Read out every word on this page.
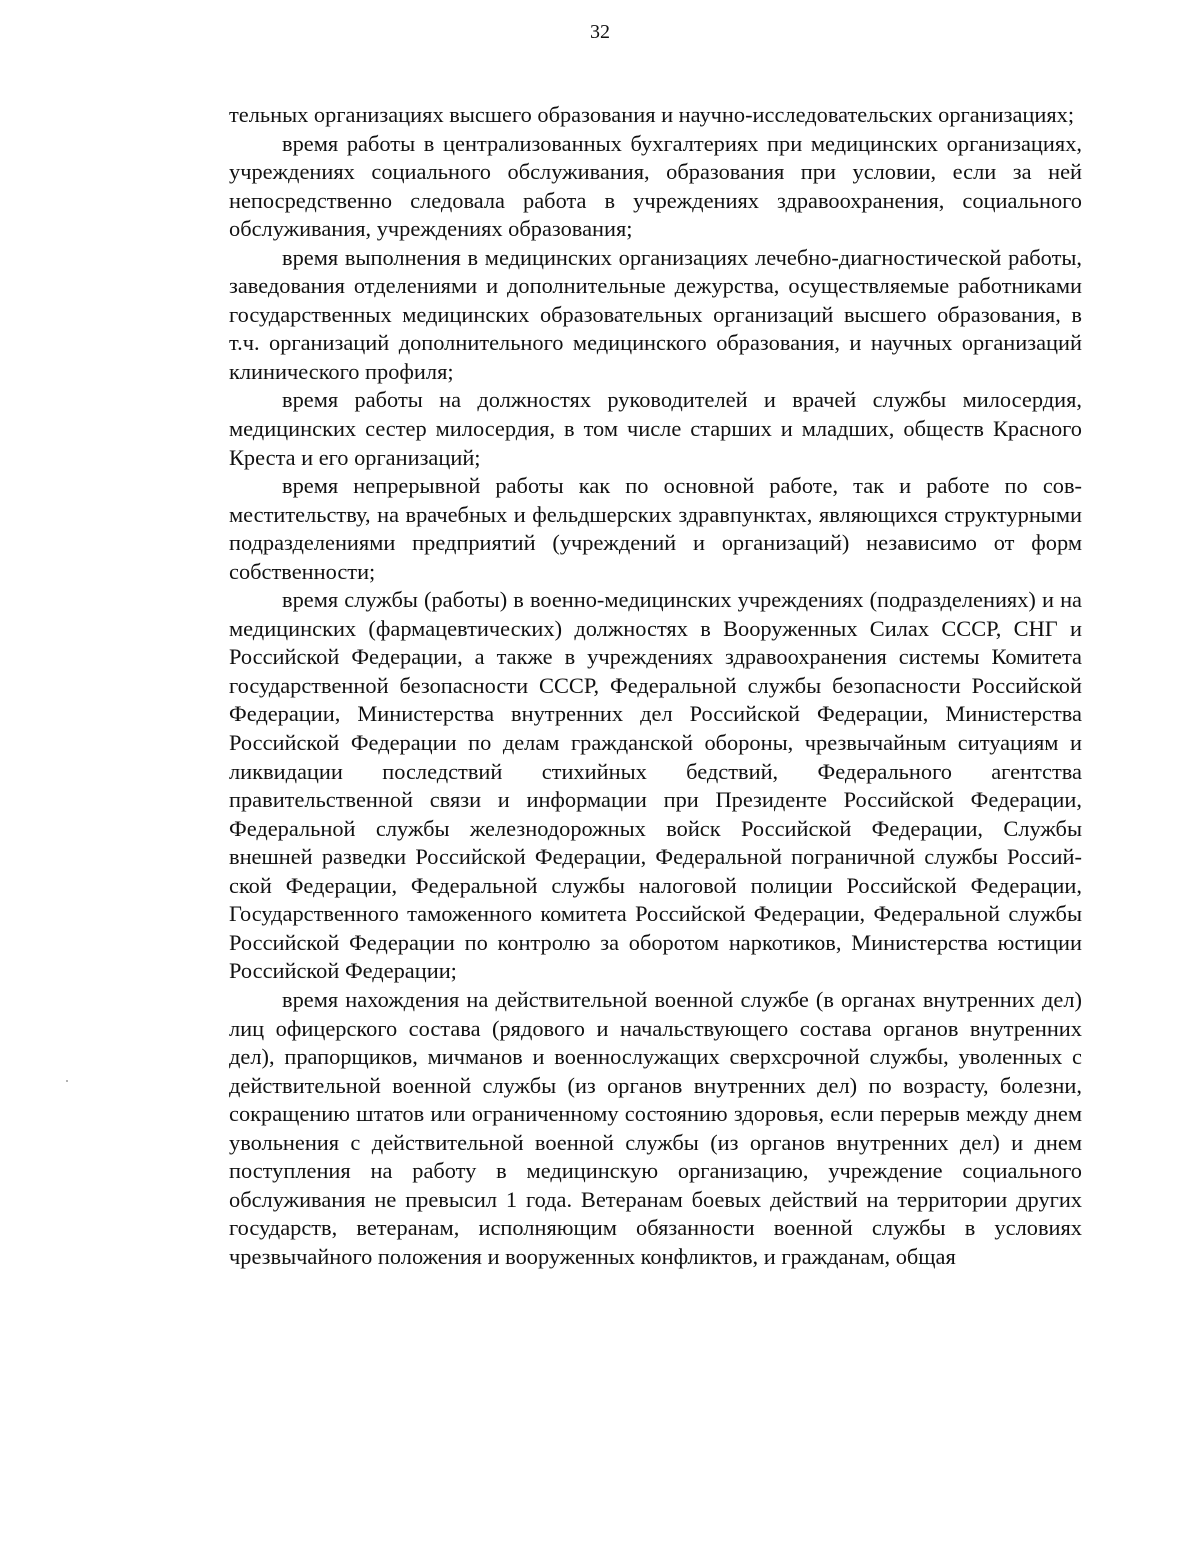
32

тельных организациях высшего образования и научно-исследовательских организациях;

время работы в централизованных бухгалтериях при медицинских организациях, учреждениях социального обслуживания, образования при условии, если за ней непосредственно следовала работа в учреждениях здравоохранения, социального обслуживания, учреждениях образования;

время выполнения в медицинских организациях лечебно-диагностической работы, заведования отделениями и дополнительные дежурства, осуществляемые работниками государственных медицинских образовательных организаций высшего образования, в т.ч. организаций дополнительного медицинского образования, и научных организаций клинического профиля;

время работы на должностях руководителей и врачей службы милосердия, медицинских сестер милосердия, в том числе старших и младших, обществ Красного Креста и его организаций;

время непрерывной работы как по основной работе, так и работе по совместительству, на врачебных и фельдшерских здравпунктах, являющихся структурными подразделениями предприятий (учреждений и организаций) независимо от форм собственности;

время службы (работы) в военно-медицинских учреждениях (подразделениях) и на медицинских (фармацевтических) должностях в Вооруженных Силах СССР, СНГ и Российской Федерации, а также в учреждениях здравоохранения системы Комитета государственной безопасности СССР, Федеральной службы безопасности Российской Федерации, Министерства внутренних дел Российской Федерации, Министерства Российской Федерации по делам гражданской обороны, чрезвычайным ситуациям и ликвидации последствий стихийных бедствий, Федерального агентства правительственной связи и информации при Президенте Российской Федерации, Федеральной службы железнодорожных войск Российской Федерации, Службы внешней разведки Российской Федерации, Федеральной пограничной службы Российской Федерации, Федеральной службы налоговой полиции Российской Федерации, Государственного таможенного комитета Российской Федерации, Федеральной службы Российской Федерации по контролю за оборотом наркотиков, Министерства юстиции Российской Федерации;

время нахождения на действительной военной службе (в органах внутренних дел) лиц офицерского состава (рядового и начальствующего состава органов внутренних дел), прапорщиков, мичманов и военнослужащих сверхсрочной службы, уволенных с действительной военной службы (из органов внутренних дел) по возрасту, болезни, сокращению штатов или ограниченному состоянию здоровья, если перерыв между днем увольнения с действительной военной службы (из органов внутренних дел) и днем поступления на работу в медицинскую организацию, учреждение социального обслуживания не превысил 1 года. Ветеранам боевых действий на территории других государств, ветеранам, исполняющим обязанности военной службы в условиях чрезвычайного положения и вооруженных конфликтов, и гражданам, общая
